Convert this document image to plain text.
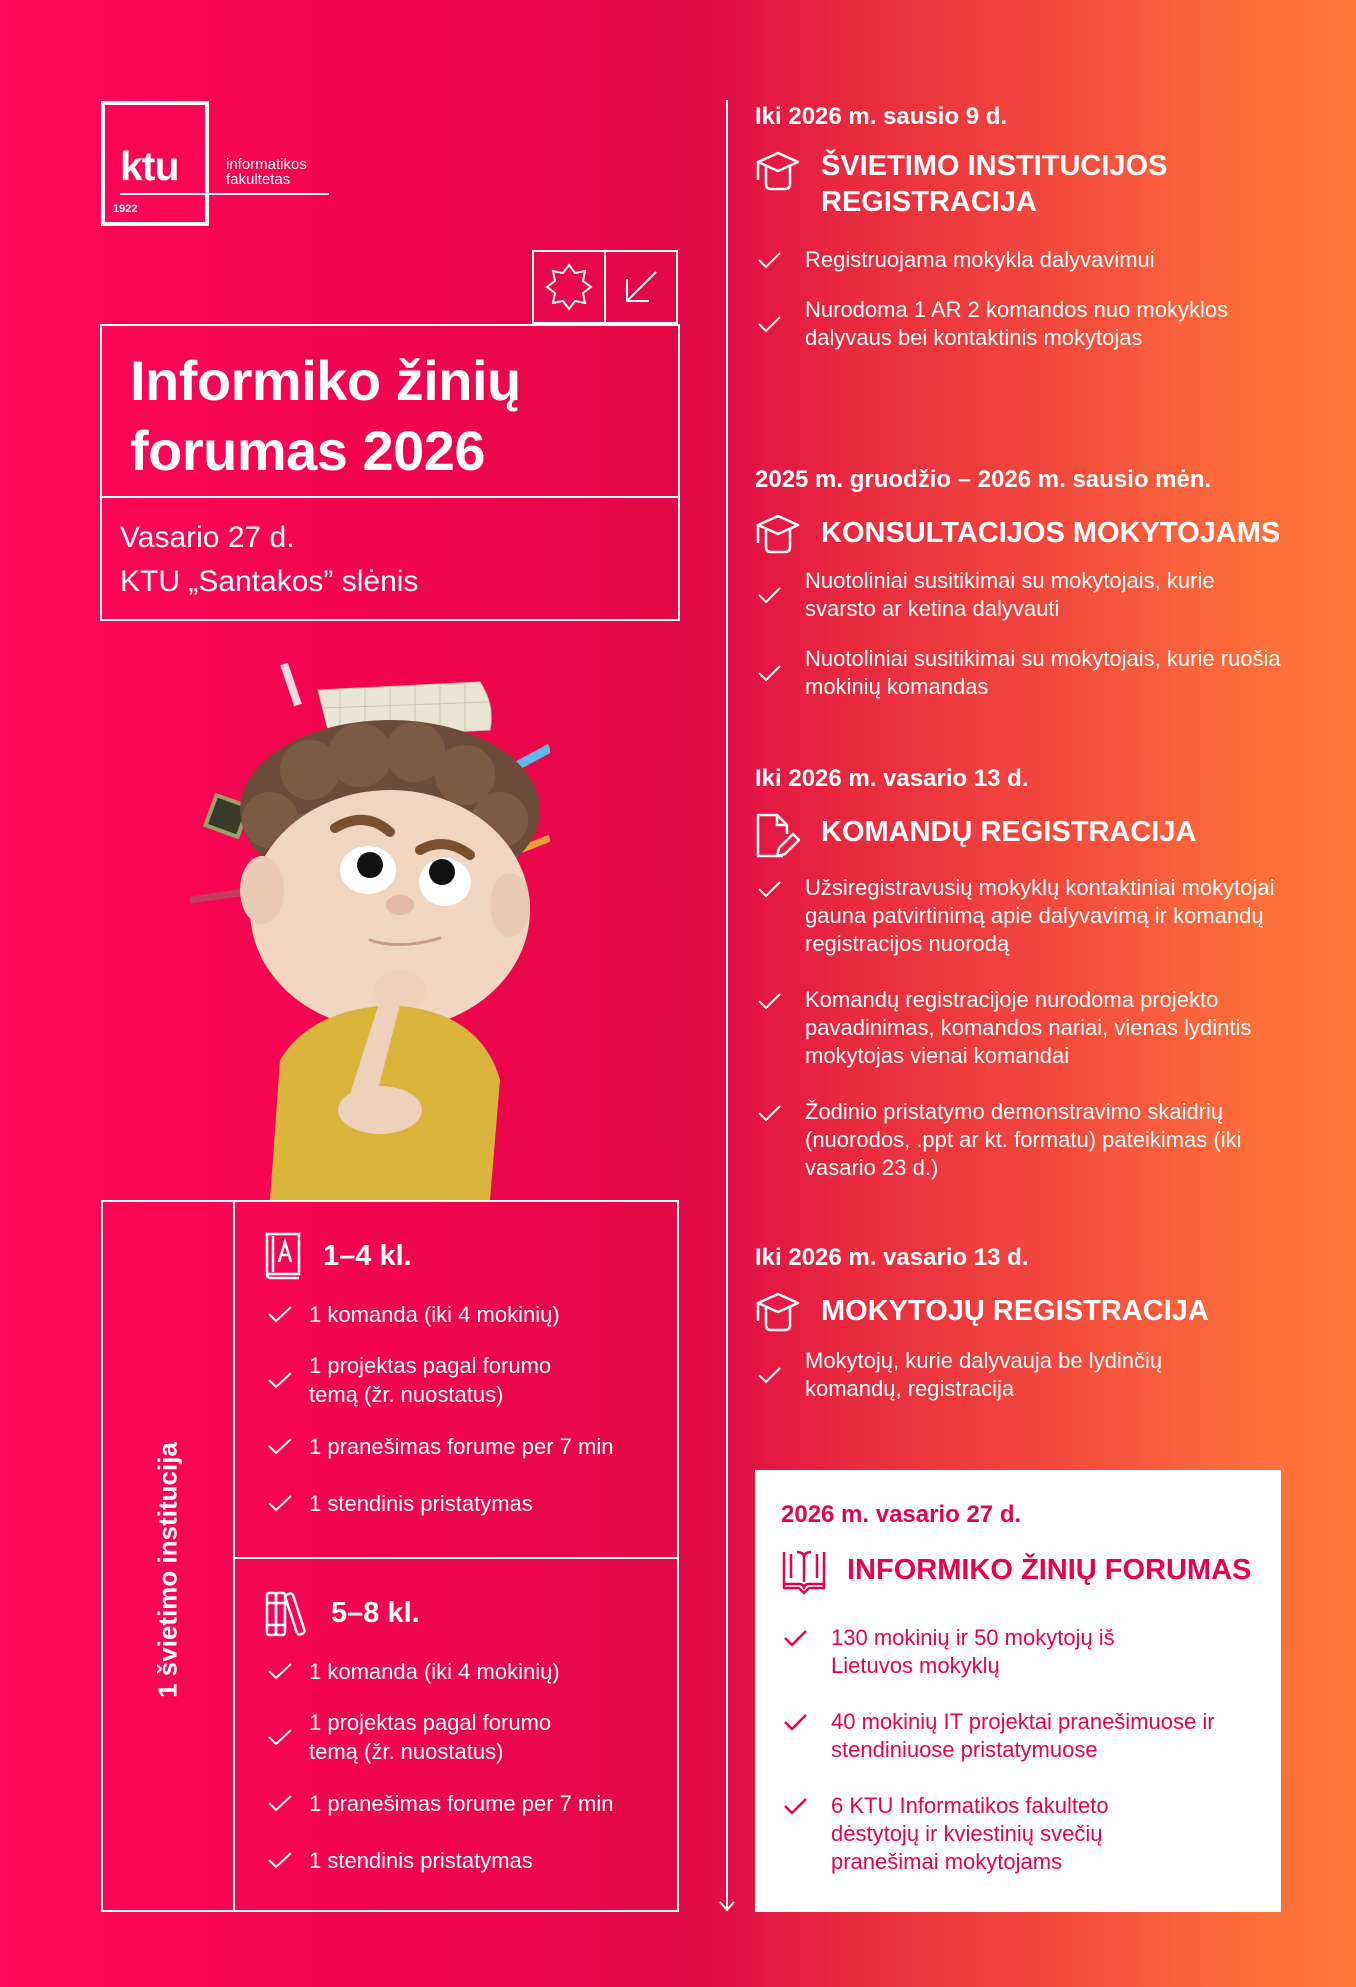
ktu
1922
informatikos
fakultetas
Informiko žinių
forumas 2026
Vasario 27 d.
KTU „Santakos” slėnis
1 švietimo institucija
1–4 kl.
1 komanda (iki 4 mokinių)
1 projektas pagal forumo temą (žr. nuostatus)
1 pranešimas forume per 7 min
1 stendinis pristatymas
5–8 kl.
1 komanda (iki 4 mokinių)
1 projektas pagal forumo temą (žr. nuostatus)
1 pranešimas forume per 7 min
1 stendinis pristatymas
Iki 2026 m. sausio 9 d.
ŠVIETIMO INSTITUCIJOS
REGISTRACIJA
Registruojama mokykla dalyvavimui
Nurodoma 1 AR 2 komandos nuo mokyklos dalyvaus bei kontaktinis mokytojas
2025 m. gruodžio – 2026 m. sausio mėn.
KONSULTACIJOS MOKYTOJAMS
Nuotoliniai susitikimai su mokytojais, kurie svarsto ar ketina dalyvauti
Nuotoliniai susitikimai su mokytojais, kurie ruošia mokinių komandas
Iki 2026 m. vasario 13 d.
KOMANDŲ REGISTRACIJA
Užsiregistravusių mokyklų kontaktiniai mokytojai gauna patvirtinimą apie dalyvavimą ir komandų registracijos nuorodą
Komandų registracijoje nurodoma projekto pavadinimas, komandos nariai, vienas lydintis mokytojas vienai komandai
Žodinio pristatymo demonstravimo skaidrių (nuorodos, .ppt ar kt. formatu) pateikimas (iki vasario 23 d.)
Iki 2026 m. vasario 13 d.
MOKYTOJŲ REGISTRACIJA
Mokytojų, kurie dalyvauja be lydinčių komandų, registracija
2026 m. vasario 27 d.
INFORMIKO ŽINIŲ FORUMAS
130 mokinių ir 50 mokytojų iš Lietuvos mokyklų
40 mokinių IT projektai pranešimuose ir stendiniuose pristatymuose
6 KTU Informatikos fakulteto dėstytojų ir kviestinių svečių pranešimai mokytojams
